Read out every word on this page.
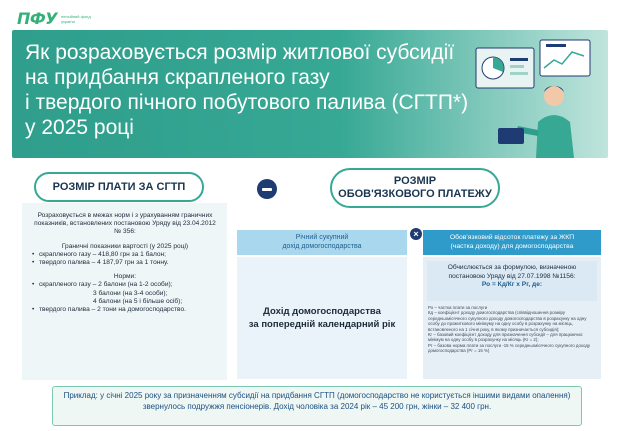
ПФУ пенсійний фонд україни
Як розраховується розмір житлової субсидії
на придбання скрапленого газу
і твердого пічного побутового палива (СГТП*)
у 2025 році
РОЗМІР ПЛАТИ ЗА СГТП
Розраховується в межах норм і з урахуванням граничних показників, встановлених постановою Уряду від 23.04.2012 № 356:
Граничні показники вартості (у 2025 році)
• скрапленого газу – 418,80 грн за 1 балон;
• твердого палива – 4 187,97 грн за 1 тонну.
Норми:
• скрапленого газу – 2 балони (на 1-2 особи);
3 балони (на 3-4 особи);
4 балони (на 5 і більше осіб);
• твердого палива – 2 тони на домогосподарство.
РОЗМІР
ОБОВ'ЯЗКОВОГО ПЛАТЕЖУ
Річний сукупний
дохід домогосподарства
Дохід домогосподарства
за попередній календарний рік
×	Обов'язковий відсоток платежу за ЖКП
(частка доходу) для домогосподарства
Обчислюється за формулою, визначеною
постановою Уряду від 27.07.1998 №1156:
Ро = Кд/Кг х Рг, де:
Ро – частка плати за послуги
Кд – коефіцієнт доходу домогосподарства (співвідношення розміру середньомісячного сукупного доходу домогосподарства в розрахунку на одну особу до прожиткового мінімуму на одну особу в розрахунку на місяць, встановленого на 1 січня року, в якому призначається субсидія);
Кг – базовий коефіцієнт доходу для призначення субсидії – для працюючих: мінімум на одну особу в розрахунку на місяць (Кг = 2);
Рг – базова норма плати за послуги -15 % середньомісячного сукупного доходу домогосподарства (Рг = 15 %)
Приклад: у січні 2025 року за призначенням субсидії на придбання СГТП (домогосподарство не користується іншими видами опалення) звернулось подружжя пенсіонерів. Дохід чоловіка за 2024 рік – 45 200 грн, жінки – 32 400 грн.
